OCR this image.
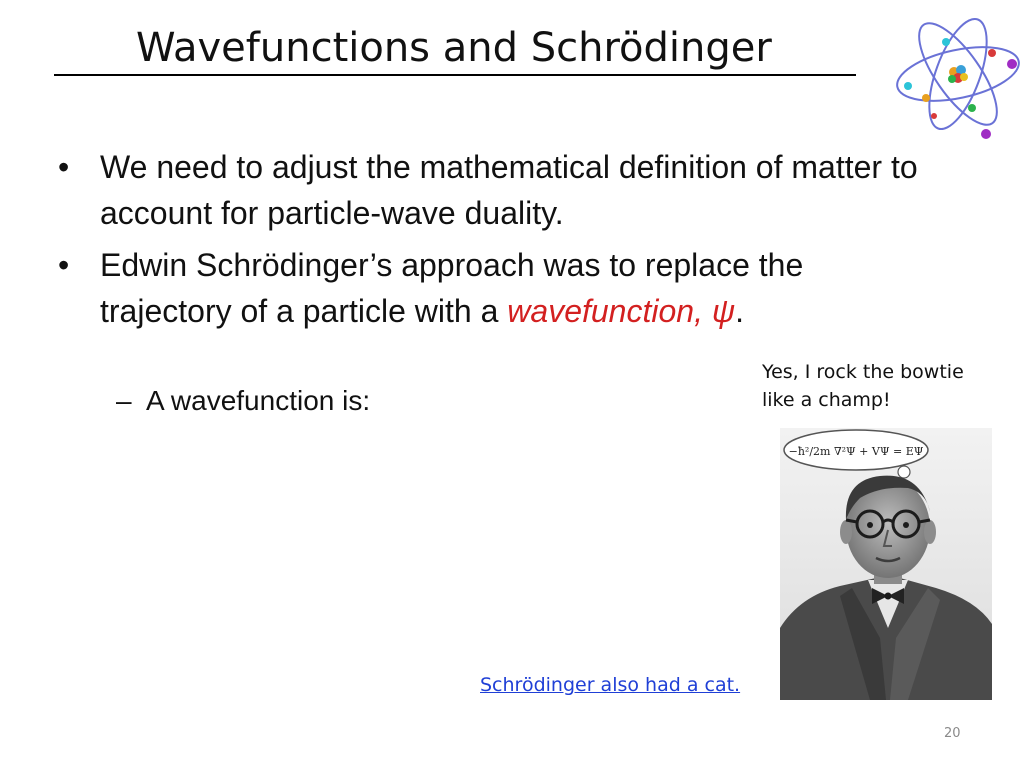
Wavefunctions and Schrödinger
• We need to adjust the mathematical definition of matter to account for particle-wave duality.
• Edwin Schrödinger’s approach was to replace the trajectory of a particle with a wavefunction, ψ.
– A wavefunction is:
Yes, I rock the bowtie like a champ!
−ħ²/2m ∇²Ψ + VΨ = EΨ
Schrödinger also had a cat.
20
